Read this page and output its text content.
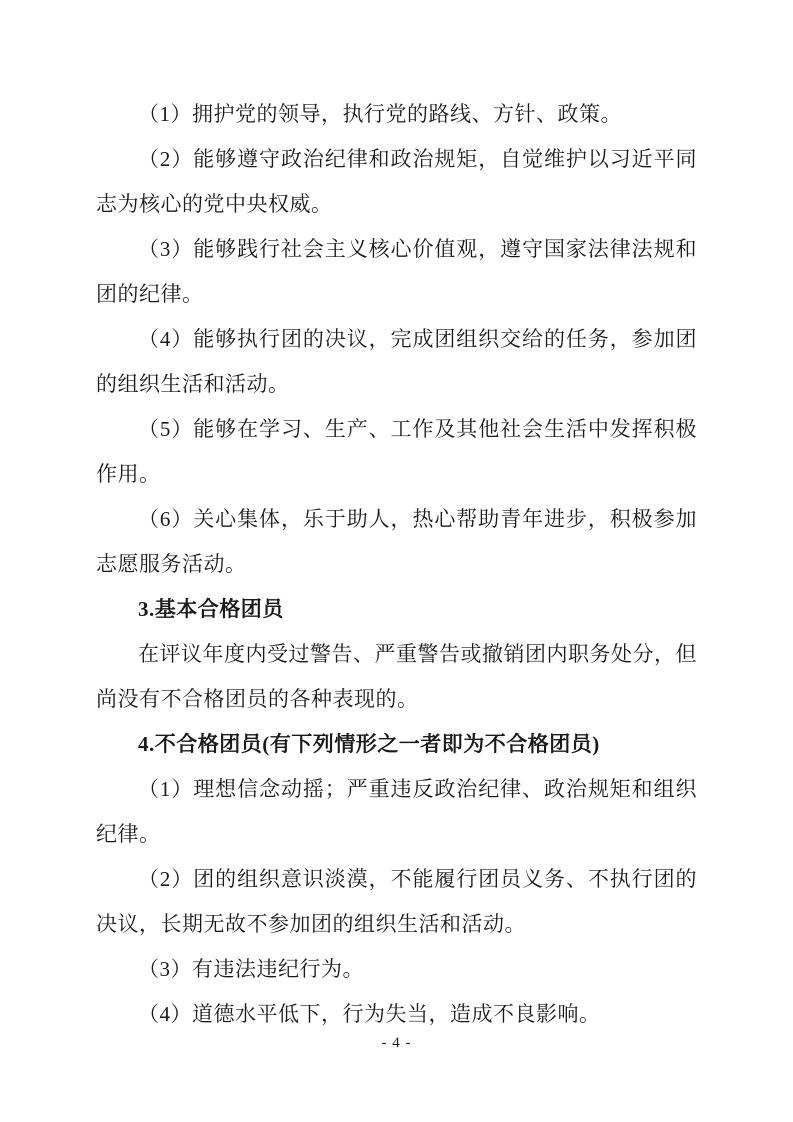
（1）拥护党的领导，执行党的路线、方针、政策。

（2）能够遵守政治纪律和政治规矩，自觉维护以习近平同志为核心的党中央权威。

（3）能够践行社会主义核心价值观，遵守国家法律法规和团的纪律。

（4）能够执行团的决议，完成团组织交给的任务，参加团的组织生活和活动。

（5）能够在学习、生产、工作及其他社会生活中发挥积极作用。

（6）关心集体，乐于助人，热心帮助青年进步，积极参加志愿服务活动。

3.基本合格团员

在评议年度内受过警告、严重警告或撤销团内职务处分，但尚没有不合格团员的各种表现的。

4.不合格团员(有下列情形之一者即为不合格团员)

（1）理想信念动摇；严重违反政治纪律、政治规矩和组织纪律。

（2）团的组织意识淡漠，不能履行团员义务、不执行团的决议，长期无故不参加团的组织生活和活动。

（3）有违法违纪行为。

（4）道德水平低下，行为失当，造成不良影响。

- 4 -
